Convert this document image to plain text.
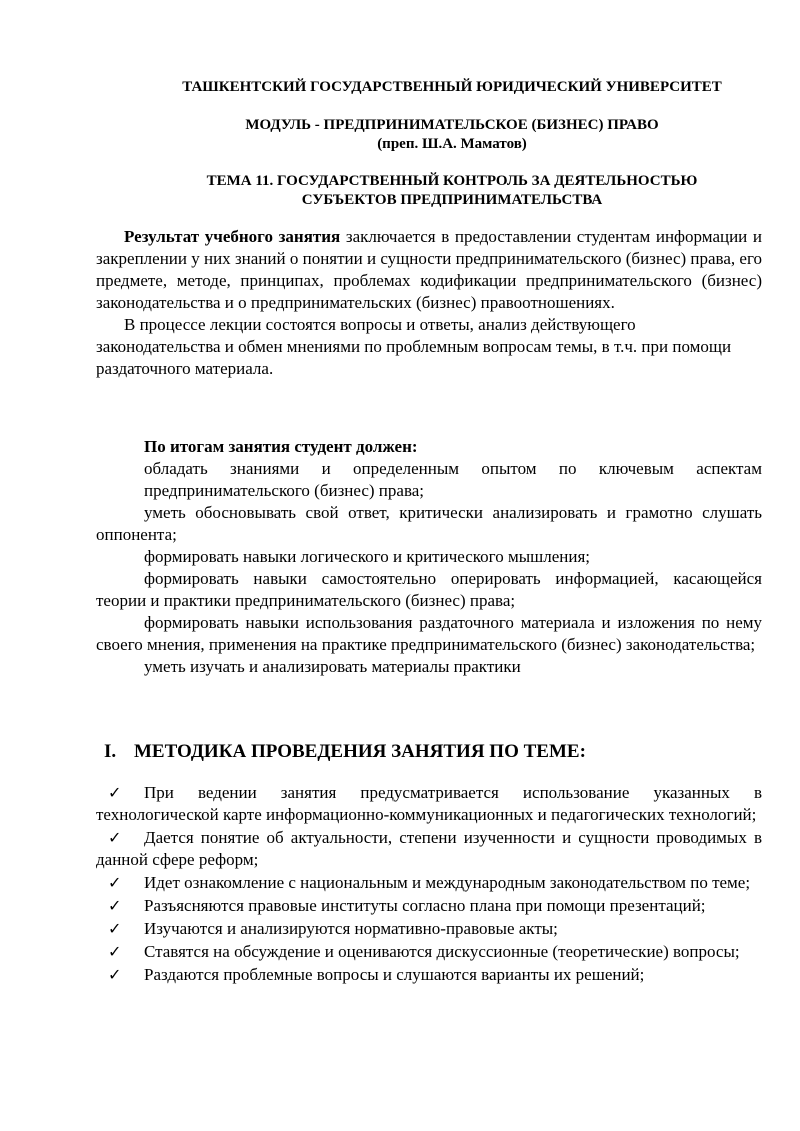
ТАШКЕНТСКИЙ ГОСУДАРСТВЕННЫЙ ЮРИДИЧЕСКИЙ УНИВЕРСИТЕТ
МОДУЛЬ - ПРЕДПРИНИМАТЕЛЬСКОЕ (БИЗНЕС) ПРАВО
(преп. Ш.А. Маматов)
ТЕМА 11. ГОСУДАРСТВЕННЫЙ КОНТРОЛЬ ЗА ДЕЯТЕЛЬНОСТЬЮ
СУБЪЕКТОВ ПРЕДПРИНИМАТЕЛЬСТВА

Результат учебного занятия заключается в предоставлении студентам информации и закреплении у них знаний о понятии и сущности предпринимательского (бизнес) права, его предмете, методе, принципах, проблемах кодификации предпринимательского (бизнес) законодательства и о предпринимательских (бизнес) правоотношениях.

В процессе лекции состоятся вопросы и ответы, анализ действующего законодательства и обмен мнениями по проблемным вопросам темы, в т.ч. при помощи раздаточного материала.

По итогам занятия студент должен:

обладать знаниями и определенным опытом по ключевым аспектам предпринимательского (бизнес) права;

уметь обосновывать свой ответ, критически анализировать и грамотно слушать оппонента;

формировать навыки логического и критического мышления;

формировать навыки самостоятельно оперировать информацией, касающейся теории и практики предпринимательского (бизнес) права;

формировать навыки использования раздаточного материала и изложения по нему своего мнения, применения на практике предпринимательского (бизнес) законодательства;

уметь изучать и анализировать материалы практики

I. МЕТОДИКА ПРОВЕДЕНИЯ ЗАНЯТИЯ ПО ТЕМЕ:

✓ При ведении занятия предусматривается использование указанных в технологической карте информационно-коммуникационных и педагогических технологий;

✓ Дается понятие об актуальности, степени изученности и сущности проводимых в данной сфере реформ;

✓ Идет ознакомление с национальным и международным законодательством по теме;

✓ Разъясняются правовые институты согласно плана при помощи презентаций;

✓ Изучаются и анализируются нормативно-правовые акты;

✓ Ставятся на обсуждение и оцениваются дискуссионные (теоретические) вопросы;

✓ Раздаются проблемные вопросы и слушаются варианты их решений;
